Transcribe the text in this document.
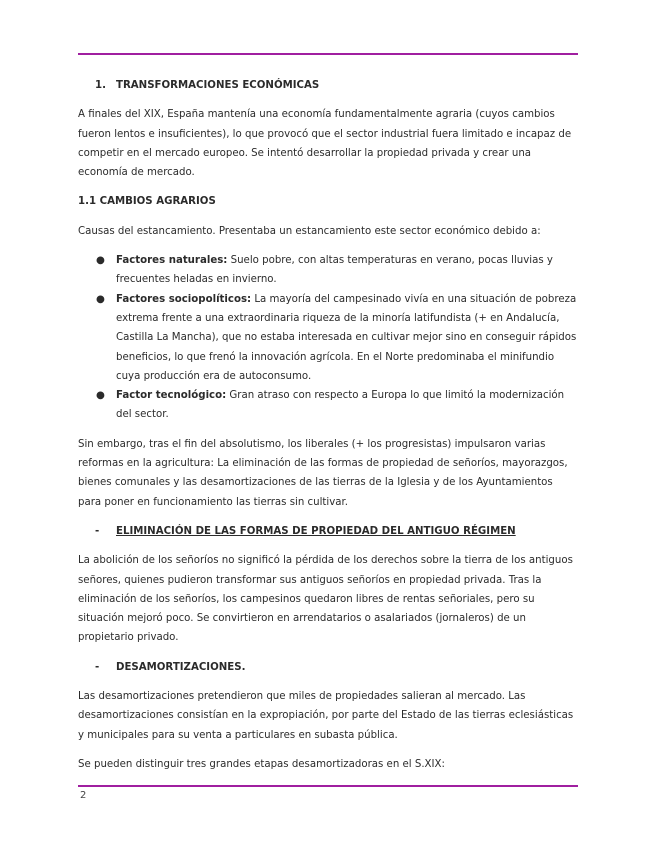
1. TRANSFORMACIONES ECONÓMICAS

A finales del XIX, España mantenía una economía fundamentalmente agraria (cuyos cambios fueron lentos e insuficientes), lo que provocó que el sector industrial fuera limitado e incapaz de competir en el mercado europeo. Se intentó desarrollar la propiedad privada y crear una economía de mercado.

1.1 CAMBIOS AGRARIOS

Causas del estancamiento. Presentaba un estancamiento este sector económico debido a:

● Factores naturales: Suelo pobre, con altas temperaturas en verano, pocas lluvias y frecuentes heladas en invierno.
● Factores sociopolíticos: La mayoría del campesinado vivía en una situación de pobreza extrema frente a una extraordinaria riqueza de la minoría latifundista (+ en Andalucía, Castilla La Mancha), que no estaba interesada en cultivar mejor sino en conseguir rápidos beneficios, lo que frenó la innovación agrícola. En el Norte predominaba el minifundio cuya producción era de autoconsumo.
● Factor tecnológico: Gran atraso con respecto a Europa lo que limitó la modernización del sector.

Sin embargo, tras el fin del absolutismo, los liberales (+ los progresistas) impulsaron varias reformas en la agricultura: La eliminación de las formas de propiedad de señoríos, mayorazgos, bienes comunales y las desamortizaciones de las tierras de la Iglesia y de los Ayuntamientos para poner en funcionamiento las tierras sin cultivar.

- ELIMINACIÓN DE LAS FORMAS DE PROPIEDAD DEL ANTIGUO RÉGIMEN

La abolición de los señoríos no significó la pérdida de los derechos sobre la tierra de los antiguos señores, quienes pudieron transformar sus antiguos señoríos en propiedad privada. Tras la eliminación de los señoríos, los campesinos quedaron libres de rentas señoriales, pero su situación mejoró poco. Se convirtieron en arrendatarios o asalariados (jornaleros) de un propietario privado.

- DESAMORTIZACIONES.

Las desamortizaciones pretendieron que miles de propiedades salieran al mercado. Las desamortizaciones consistían en la expropiación, por parte del Estado de las tierras eclesiásticas y municipales para su venta a particulares en subasta pública.

Se pueden distinguir tres grandes etapas desamortizadoras en el S.XIX:

2
